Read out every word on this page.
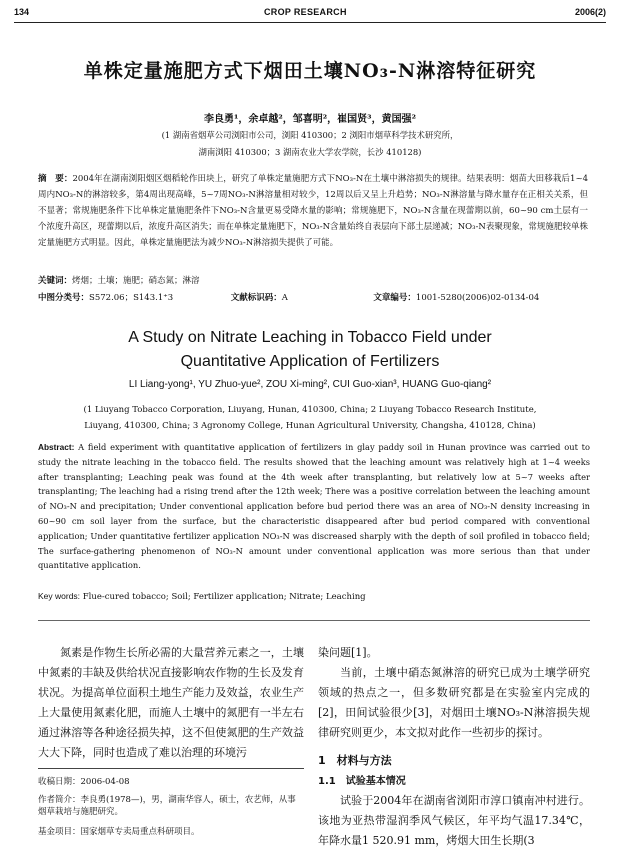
134	CROP RESEARCH	2006(2)
单株定量施肥方式下烟田土壤NO₃-N淋溶特征研究
李良勇¹，余卓越²，邹喜明²，崔国贤³，黄国强²
(1 湖南省烟草公司浏阳市公司，浏阳 410300；2 浏阳市烟草科学技术研究所，
湖南浏阳 410300；3 湖南农业大学农学院，长沙 410128)
摘　要：2004年在湖南浏阳烟区烟稻轮作田块上，研究了单株定量施肥方式下NO₃-N在土壤中淋溶损失的规律。结果表明：烟苗大田移栽后1~4周内NO₃-N的淋溶较多，第4周出现高峰，5~7周NO₃-N淋溶量相对较少，12周以后又呈上升趋势；NO₃-N淋溶量与降水量存在正相关关系，但不显著；常规施肥条件下比单株定量施肥条件下NO₃-N含量更易受降水量的影响；常规施肥下，NO₃-N含量在现蕾期以前，60~90 cm土层有一个浓度升高区，现蕾期以后，浓度升高区消失；而在单株定量施肥下，NO₃-N含量始终自表层向下部土层递减；NO₃-N表聚现象，常规施肥较单株定量施肥方式明显。因此，单株定量施肥法为减少NO₃-N淋溶损失提供了可能。
关键词：烤烟；土壤；施肥；硝态氮；淋溶
中图分类号：S572.06；S143.1⁺3	文献标识码：A	文章编号：1001-5280(2006)02-0134-04
A Study on Nitrate Leaching in Tobacco Field under
Quantitative Application of Fertilizers
LI Liang-yong¹, YU Zhuo-yue², ZOU Xi-ming², CUI Guo-xian³, HUANG Guo-qiang²
(1 Liuyang Tobacco Corporation, Liuyang, Hunan, 410300, China; 2 Liuyang Tobacco Research Institute,
Liuyang, 410300, China; 3 Agronomy College, Hunan Agricultural University, Changsha, 410128, China)
Abstract: A field experiment with quantitative application of fertilizers in glay paddy soil in Hunan province was carried out to study the nitrate leaching in the tobacco field. The results showed that the leaching amount was relatively high at 1~4 weeks after transplanting; Leaching peak was found at the 4th week after transplanting, but relatively low at 5~7 weeks after transplanting; The leaching had a rising trend after the 12th week; There was a positive correlation between the leaching amount of NO₃-N and precipitation; Under conventional application before bud period there was an area of NO₃-N density increasing in 60~90 cm soil layer from the surface, but the characteristic disappeared after bud period compared with conventional application; Under quantitative fertilizer application NO₃-N was discreased sharply with the depth of soil profiled in tobacco field; The surface-gathering phenomenon of NO₃-N amount under conventional application was more serious than that under quantitative application.
Key words: Flue-cured tobacco; Soil; Fertilizer application; Nitrate; Leaching
氮素是作物生长所必需的大量营养元素之一，土壤中氮素的丰缺及供给状况直接影响农作物的生长及发育状况。为提高单位面积土地生产能力及效益，农业生产上大量使用氮素化肥，而施人土壤中的氮肥有一半左右通过淋溶等各种途径损失掉，这不但使氮肥的生产效益大大下降，同时也造成了难以治理的环境污

染问题[1]。

当前，土壤中硝态氮淋溶的研究已成为土壤学研究领域的热点之一，但多数研究都是在实验室内完成的[2]，田间试验很少[3]，对烟田土壤NO₃-N淋溶损失规律研究则更少，本文拟对此作一些初步的探讨。

1　材料与方法

1.1　试验基本情况

试验于2004年在湖南省浏阳市淳口镇南冲村进行。该地为亚热带湿润季风气候区，年平均气温17.34℃，年降水量1 520.91 mm，烤烟大田生长期(3

收稿日期：2006-04-08
作者简介：李良勇(1978—)，男，湖南华容人，硕士，农艺师，从事烟草栽培与施肥研究。
基金项目：国家烟草专卖局重点科研项目。
